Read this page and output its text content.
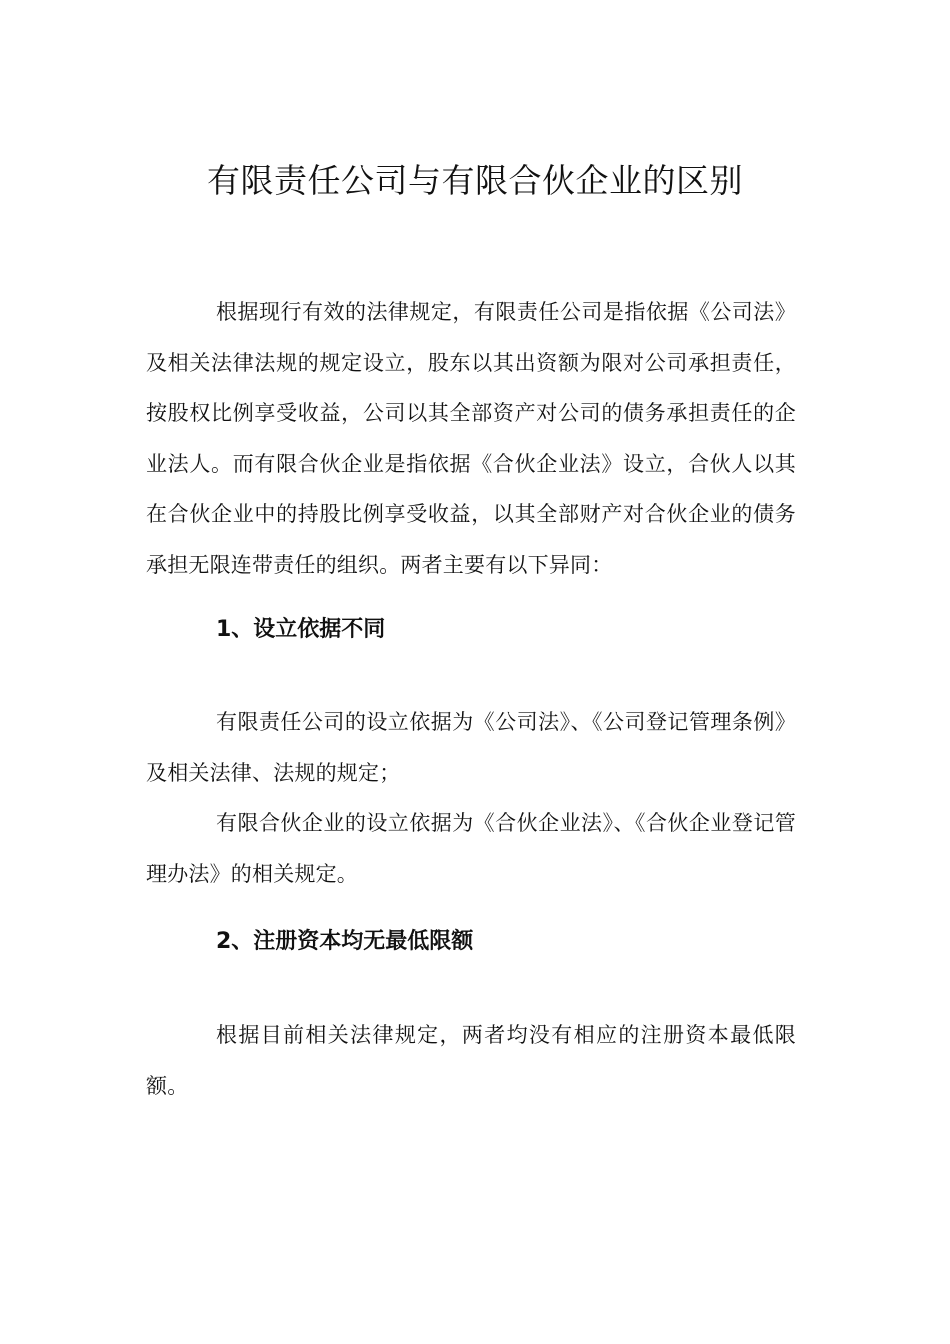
有限责任公司与有限合伙企业的区别

根据现行有效的法律规定，有限责任公司是指依据《公司法》及相关法律法规的规定设立，股东以其出资额为限对公司承担责任，按股权比例享受收益，公司以其全部资产对公司的债务承担责任的企业法人。而有限合伙企业是指依据《合伙企业法》设立，合伙人以其在合伙企业中的持股比例享受收益，以其全部财产对合伙企业的债务承担无限连带责任的组织。两者主要有以下异同：

1、设立依据不同

有限责任公司的设立依据为《公司法》、《公司登记管理条例》及相关法律、法规的规定；

有限合伙企业的设立依据为《合伙企业法》、《合伙企业登记管理办法》的相关规定。

2、注册资本均无最低限额

根据目前相关法律规定，两者均没有相应的注册资本最低限额。
